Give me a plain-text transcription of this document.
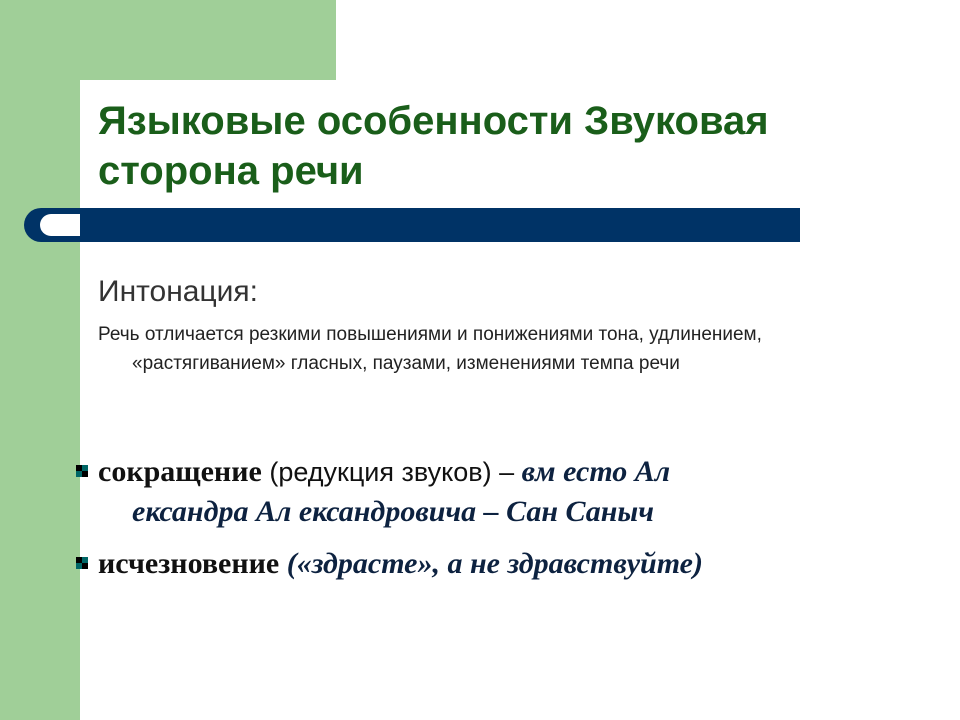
Языковые особенности Звуковая сторона речи

Интонация:

Речь отличается резкими повышениями и понижениями тона, удлинением, «растягиванием» гласных, паузами, изменениями темпа речи

сокращение (редукция звуков) – вм есто Ал ександра Ал ександровича – Сан Саныч
исчезновение («здрасте», а не здравствуйте)
